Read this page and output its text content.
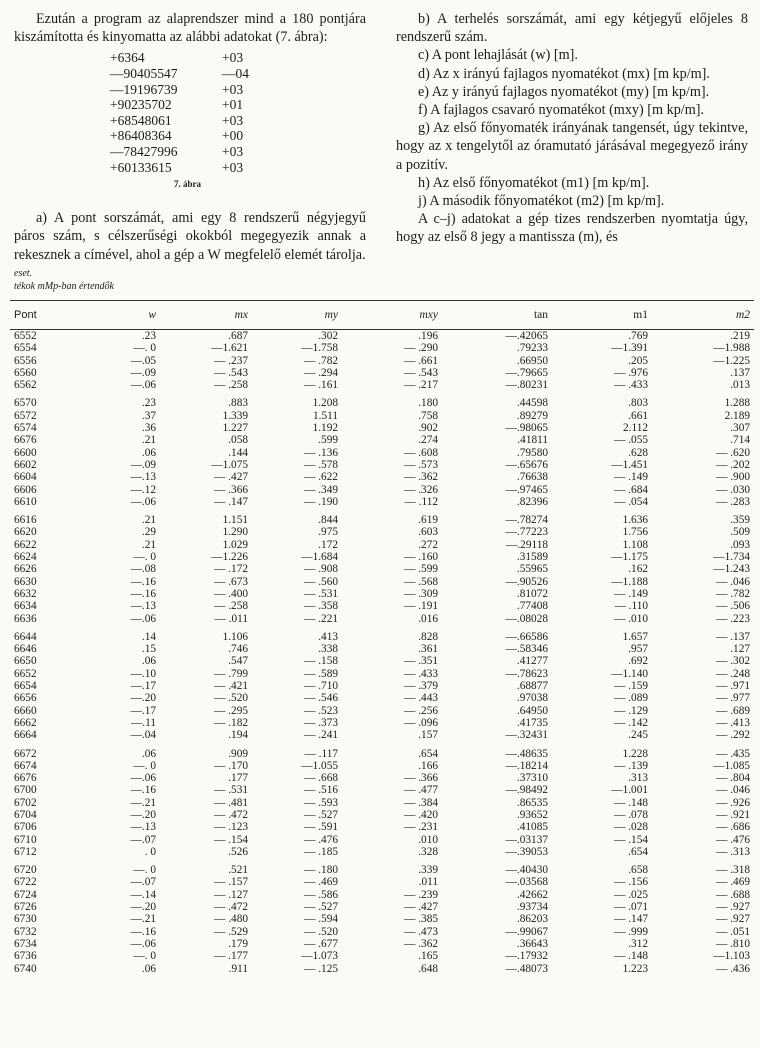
Ezután a program az alaprendszer mind a 180 pontjára kiszámította és kinyomatta az alábbi adatokat (7. ábra):

+6364	+03
—90405547	—04
—19196739	+03
+90235702	+01
+68548061	+03
+86408364	+00
—78427996	+03
+60133615	+03
7. ábra

a) A pont sorszámát, ami egy 8 rendszerű négyjegyű páros szám, s célszerűségi okokból megegyezik annak a rekesznek a címével, ahol a gép a W megfelelő elemét tárolja.

b) A terhelés sorszámát, ami egy kétjegyű előjeles 8 rendszerű szám.

c) A pont lehajlását (w) [m].

d) Az x irányú fajlagos nyomatékot (mx) [m kp/m].

e) Az y irányú fajlagos nyomatékot (my) [m kp/m].

f) A fajlagos csavaró nyomatékot (mxy) [m kp/m].

g) Az első főnyomaték irányának tangensét, úgy tekintve, hogy az x tengelytől az óramutató járásával megegyező irány a pozitív.

h) Az első főnyomatékot (m1) [m kp/m].

j) A második főnyomatékot (m2) [m kp/m].

A c–j) adatokat a gép tizes rendszerben nyomtatja úgy, hogy az első 8 jegy a mantissza (m), és

eset.
tékok mMp-ban értendők
Pont	w	mx	my	mxy	tan	m1	m2
6552	.23	.687	.302	.196	—.42065	.769	.219
6554	—. 0	—1.621	—1.758	— .290	.79233	—1.391	—1.988
6556	—.05	— .237	— .782	— .661	.66950	.205	—1.225
6560	—.09	— .543	— .294	— .543	—.79665	— .976	.137
6562	—.06	— .258	— .161	— .217	—.80231	— .433	.013
6570	.23	.883	1.208	.180	.44598	.803	1.288
6572	.37	1.339	1.511	.758	.89279	.661	2.189
6574	.36	1.227	1.192	.902	—.98065	2.112	.307
6676	.21	.058	.599	.274	.41811	— .055	.714
6600	.06	.144	— .136	— .608	.79580	.628	— .620
6602	—.09	—1.075	— .578	— .573	—.65676	—1.451	— .202
6604	—.13	— .427	— .622	— .362	.76638	— .149	— .900
6606	—.12	— .366	— .349	— .326	—.97465	— .684	— .030
6610	—.06	— .147	— .190	— .112	.82396	— .054	— .283
6616	.21	1.151	.844	.619	—.78274	1.636	.359
6620	.29	1.290	.975	.603	—.77223	1.756	.509
6622	.21	1.029	.172	.272	—.29118	1.108	.093
6624	—. 0	—1.226	—1.684	— .160	.31589	—1.175	—1.734
6626	—.08	— .172	— .908	— .599	.55965	.162	—1.243
6630	—.16	— .673	— .560	— .568	—.90526	—1.188	— .046
6632	—.16	— .400	— .531	— .309	.81072	— .149	— .782
6634	—.13	— .258	— .358	— .191	.77408	— .110	— .506
6636	—.06	— .011	— .221	.016	—.08028	— .010	— .223
6644	.14	1.106	.413	.828	—.66586	1.657	— .137
6646	.15	.746	.338	.361	—.58346	.957	.127
6650	.06	.547	— .158	— .351	.41277	.692	— .302
6652	—.10	— .799	— .589	— .433	—.78623	—1.140	— .248
6654	—.17	— .421	— .710	— .379	.68877	— .159	— .971
6656	—.20	— .520	— .546	— .443	.97038	— .089	— .977
6660	—.17	— .295	— .523	— .256	.64950	— .129	— .689
6662	—.11	— .182	— .373	— .096	.41735	— .142	— .413
6664	—.04	.194	— .241	.157	—.32431	.245	— .292
6672	.06	.909	— .117	.654	—.48635	1.228	— .435
6674	—. 0	— .170	—1.055	.166	—.18214	— .139	—1.085
6676	—.06	.177	— .668	— .366	.37310	.313	— .804
6700	—.16	— .531	— .516	— .477	—.98492	—1.001	— .046
6702	—.21	— .481	— .593	— .384	.86535	— .148	— .926
6704	—.20	— .472	— .527	— .420	.93652	— .078	— .921
6706	—.13	— .123	— .591	— .231	.41085	— .028	— .686
6710	—.07	— .154	— .476	.010	—.03137	— .154	— .476
6712	. 0	.526	— .185	.328	—.39053	.654	— .313
6720	—. 0	.521	— .180	.339	—.40430	.658	— .318
6722	—.07	— .157	— .469	.011	—.03568	— .156	— .469
6724	—.14	— .127	— .586	— .239	.42662	— .025	— .688
6726	—.20	— .472	— .527	— .427	.93734	— .071	— .927
6730	—.21	— .480	— .594	— .385	.86203	— .147	— .927
6732	—.16	— .529	— .520	— .473	—.99067	— .999	— .051
6734	—.06	.179	— .677	— .362	.36643	.312	— .810
6736	—. 0	— .177	—1.073	.165	—.17932	— .148	—1.103
6740	.06	.911	— .125	.648	—.48073	1.223	— .436
